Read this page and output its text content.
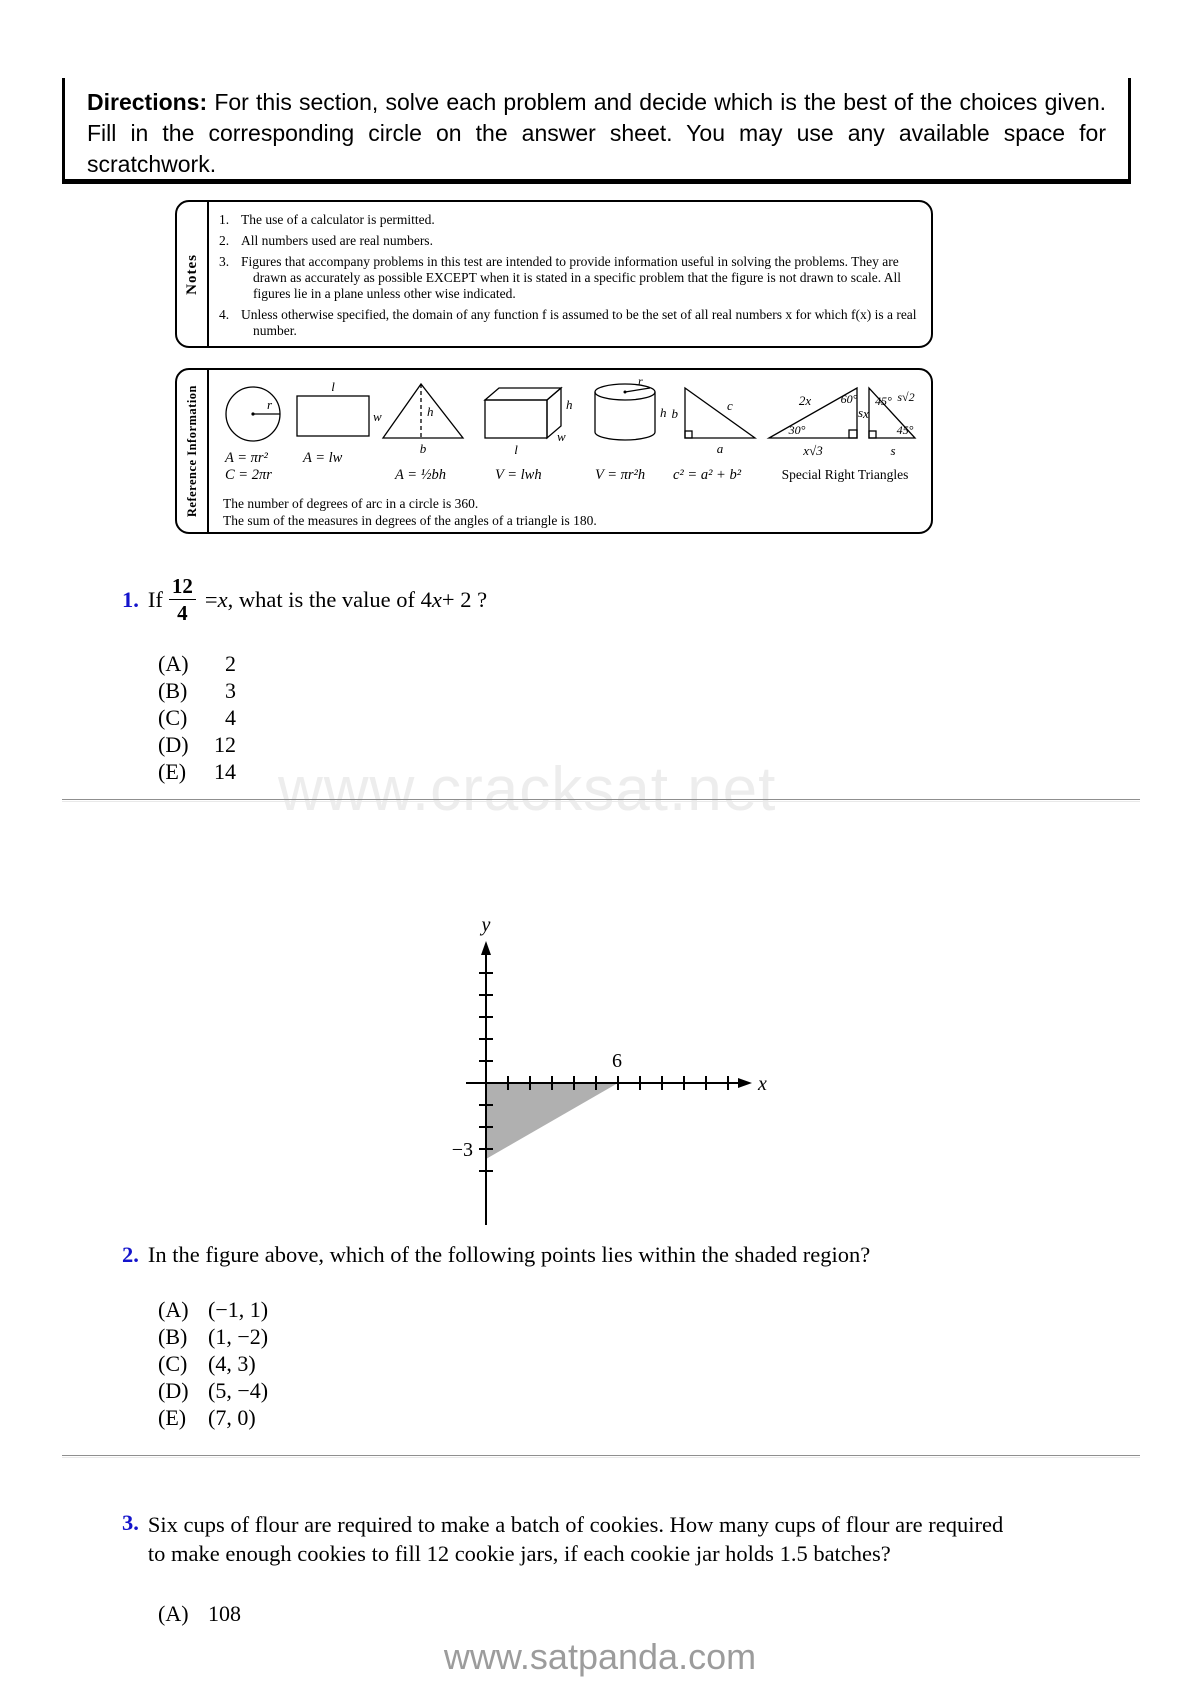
Directions: For this section, solve each problem and decide which is the best of the choices given. Fill in the corresponding circle on the answer sheet. You may use any available space for scratchwork.
Notes
1. The use of a calculator is permitted.
2. All numbers used are real numbers.
3. Figures that accompany problems in this test are intended to provide information useful in solving the problems. They are drawn as accurately as possible EXCEPT when it is stated in a specific problem that the figure is not drawn to scale. All figures lie in a plane unless other wise indicated.
4. Unless otherwise specified, the domain of any function f is assumed to be the set of all real numbers x for which f(x) is a real number.
Reference Information	r
A = πr²
C = 2πr
l
w
A = lw
h
b
A = ½bh
h
w
l
V = lwh
r
h
V = πr²h
b
c
a
c² = a² + b²
2x 60°
30°
x
x√3
s
45° s√2
45°
s
Special Right Triangles
The number of degrees of arc in a circle is 360.
The sum of the measures in degrees of the angles of a triangle is 180.
1. If $\frac{12}{4} = x$ , what is the value of 4 x + 2 ?
(A)	2
(B)	3
(C)	4
(D)	12
(E)	14 www.cracksat.net
y
x
6
−3
2. In the figure above, which of the following points lies within the shaded region?
(A) (−1, 1)
(B) (1, −2)
(C) (4, 3)
(D) (5, −4)
(E) (7, 0)
3. Six cups of flour are required to make a batch of cookies. How many cups of flour are required
to make enough cookies to fill 12 cookie jars, if each cookie jar holds 1.5 batches?
(A) 108
www.satpanda.com
